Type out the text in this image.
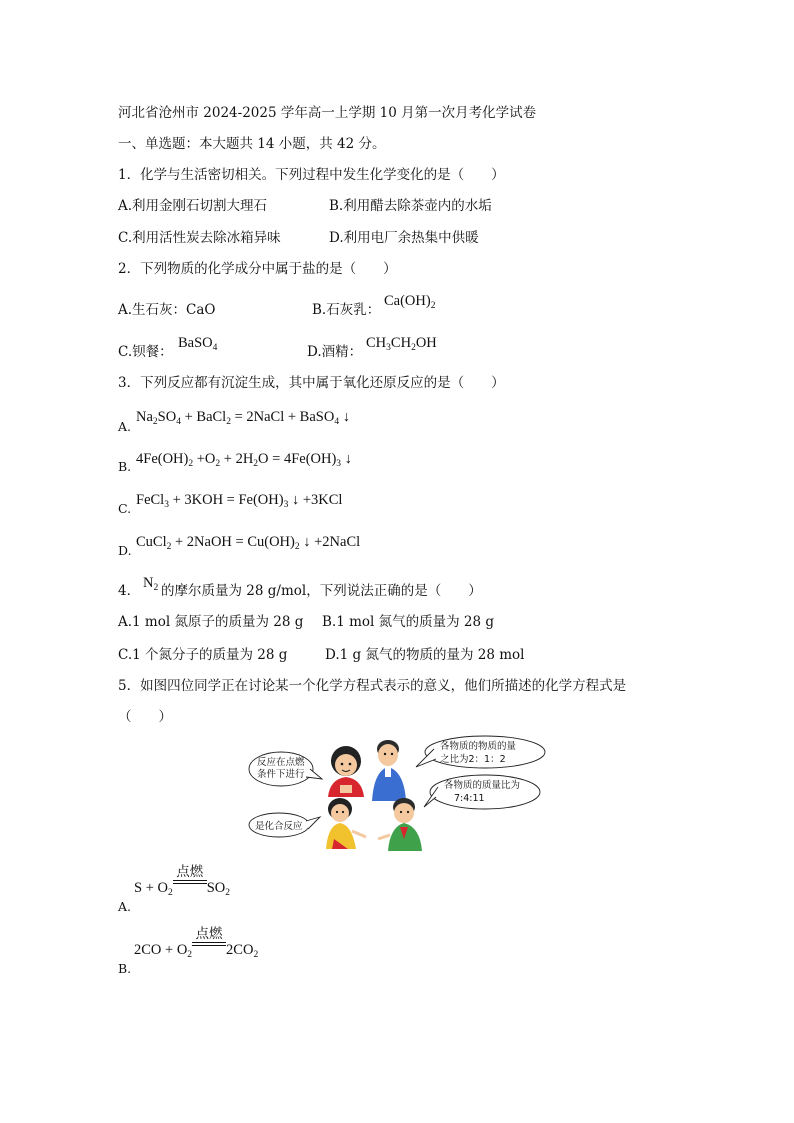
河北省沧州市 2024-2025 学年高一上学期 10 月第一次月考化学试卷
一、单选题：本大题共 14 小题，共 42 分。
1．化学与生活密切相关。下列过程中发生化学变化的是（　　）
A.利用金刚石切割大理石	B.利用醋去除茶壶内的水垢
C.利用活性炭去除冰箱异味	D.利用电厂余热集中供暖
2．下列物质的化学成分中属于盐的是（　　）
A.生石灰：CaO	B.石灰乳：
$Ca(OH)_2$
C.钡餐：
BaSO$_4$	D.酒精：
$CH_3CH_2OH$
3．下列反应都有沉淀生成，其中属于氧化还原反应的是（　　）
A.
$Na_2SO_4$ + BaCl$_2$ = 2NaCl + BaSO$_4$ ↓
B. $4Fe(OH)_2 +O_2 + 2H_2O = 4Fe(OH)_3$ ↓
C.
FeCl$_3$ + $3KOH = Fe(OH)_3$ ↓ +3KCl
D.
CuCl$_2$ + 2NaOH = $Cu(OH)_2$ ↓ +2NaCl
4． $N_2$ 的摩尔质量为 28 g/mol，下列说法正确的是（　　）
A.1 mol 氮原子的质量为 28 g B.1 mol 氮气的质量为 28 g
C.1 个氮分子的质量为 28 g	D.1 g 氮气的物质的量为 28 mol
5．如图四位同学正在讨论某一个化学方程式表示的意义，他们所描述的化学方程式是
（　　）
反应在点燃
条件下进行
各物质的物质的量
之比为2：1：2
各物质的质量比为
7:4:11
是化合反应
$S + O_2$
点燃
$SO_2$
A.
$2CO + O_2$
点燃
$2CO_2$
B.
